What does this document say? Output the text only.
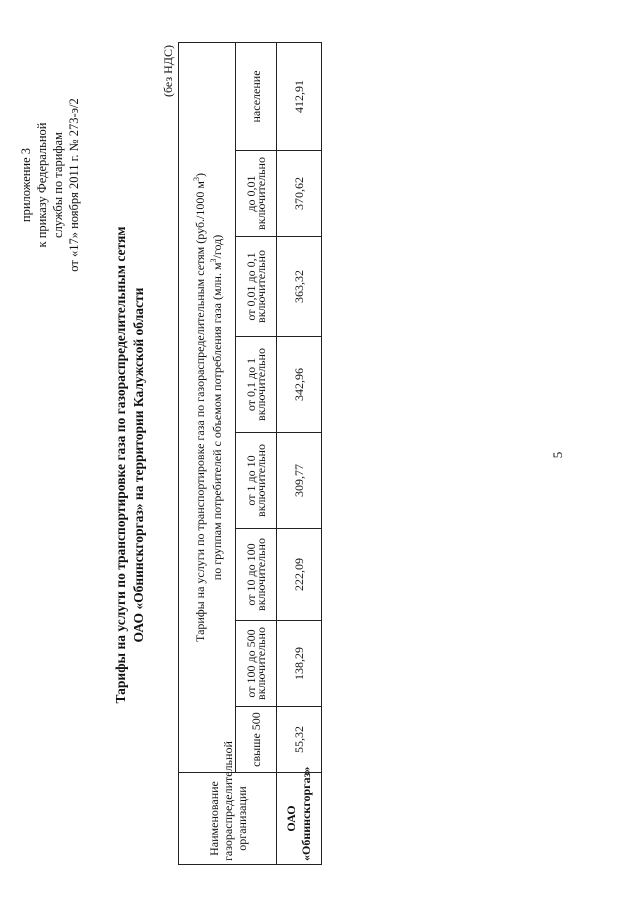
приложение 3 к приказу Федеральной службы по тарифам от «17» ноября 2011 г. № 273-э/2
Тарифы на услуги по транспортировке газа по газораспределительным сетям ОАО «Обнинскгоргаз» на территории Калужской области
(без НДС)
Наименование газораспределительной организации	Тарифы на услуги по транспортировке газа по газораспределительным сетям (руб./1000 $м^3$)
по группам потребителей с объемом потребления газа (млн. $м^3/год$)							

	свыше 500	от 100 до 500 включительно	от 10 до 100 включительно	от 1 до 10 включительно	от 0,1 до 1 включительно	от 0,01 до 0,1 включительно	до 0,01 включительно	население
ОАО «Обнинскгоргаз»	55,32	138,29	222,09	309,77	342,96	363,32	370,62	412,91
5
